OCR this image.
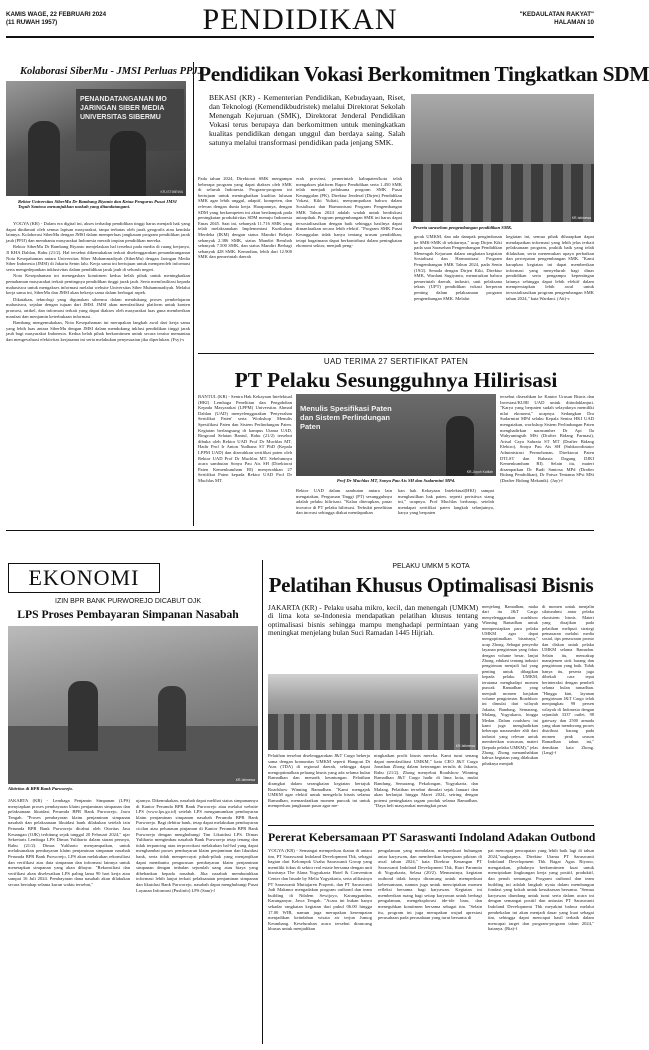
KAMIS WAGE, 22 FEBRUARI 2024
(11 RUWAH 1957)	PENDIDIKAN	"KEDAULATAN RAKYAT"
HALAMAN 10
Kolaborasi SiberMu - JMSI Perluas PPJJ
PENANDATANGANAN MO
JARINGAN SIBER MEDIA
UNIVERSITAS SIBERMU
KR-ISTIMEWA
Rektor Universitas SiberMu Dr Bambang Riyanto dan Ketua Pengurus Pusat JMSI Teguh Santoso menunjukkan naskah yang ditandatangani.

YOGYA (KR) - Dalam era digital ini, akses terhadap pendidikan tinggi harus menjadi hak yang dapat dinikmati oleh semua lapisan masyarakat, tanpa terbatas oleh jarak geografis atau kendala lainnya. Kolaborasi SiberMu dengan JMSI dalam memperluas jangkauan program pendidikan jarak jauh (PPJJ) dan membantu masyarakat Indonesia meraih impian pendidikan mereka.

Rektor SiberMu Dr Bambang Riyanto menjelaskan hal tersebut pada media di ruang kerjanya, Jl KHA Dahlan, Rabu (21/2). Hal tersebut dikemukakan terkait diselenggarakan penandatanganan Nota Kesepahaman antara Universitas Siber Muhammadiyah (SiberMu) dengan Jaringan Media Siber Indonesia (JMSI) di Jakarta Senin lalu. Kerja sama ini bertujuan untuk memperoleh informasi serta mengedepankan inklusivitas dalam pendidikan jarak jauh di seluruh negeri.

Nota Kesepahaman ini menegaskan komitmen kedua belah pihak untuk meningkatkan pemahaman masyarakat terkait pentingnya pendidikan tinggi jarak jauh. Serta memfasilitasi kepada mahasiswa untuk mengakses informasi melalui website Universitas Siber Muhammadiyah. Melalui kerja sama ini, SiberMu dan JMSI akan bekerja sama dalam berbagai aspek.

Dikatakan, teknologi yang digunakan sibermu dalam mendukung proses pembelajaran mahasiswa, sejalan dengan tujuan dari JMSI. JMSI akan memfasilitasi platform untuk konten promosi, artikel, dan informasi terkait yang dapat diakses oleh masyarakat luas guna memberikan manfaat dan menjamin keterbukaan informasi.

Bambang mengemukakan, Nota Kesepahaman ini merupakan langkah awal dari kerja sama yang lebih luas antara SiberMu dengan JMSI dalam mendukung inklusi pendidikan tinggi jarak jauh bagi masyarakat Indonesia. Kedua belah pihak berkomitmen untuk secara teratur memantau dan mengevaluasi efektivitas kerjasama ini serta melakukan penyesuaian jika diperlukan. (Fsy)-s

Pendidikan Vokasi Berkomitmen Tingkatkan SDM
BEKASI (KR) - Kementerian Pendidikan, Kebudayaan, Riset, dan Teknologi (Kemendikbudristek) melalui Direktorat Sekolah Menengah Kejuruan (SMK), Direktorat Jenderal Pendidikan Vokasi terus berupaya dan berkomitmen untuk meningkatkan kualitas pendidikan dengan unggul dan berdaya saing. Salah satunya melalui transformasi pendidikan pada jenjang SMK.
Pada tahun 2024, Direktorat SMK mengampu beberapa program yang dapat diakses oleh SMK di seluruh Indonesia. Program-program ini bertujuan untuk meningkatkan kualitas lulusan SMK agar lebih unggul, adaptif, kompeten, dan relevan dengan dunia kerja. Harapannya, dengan SDM yang berkompeten ini akan berdampak pada peningkatan produktivitas SDM menuju Indonesia Emas 2045. Saat ini, sebanyak 11.716 SMK yang telah melaksanakan Implementasi Kurikulum Merdeka (IKM) dengan status Mandiri Belajar sebanyak 2.386 SMK, status Mandiri Berubah sebanyak 7.500 SMK, dan status Mandiri Berbagi sebanyak 428 SMK. Kemudian, lebih dari 12.900 SMK dan pemerintah daerah
erah provinsi, pemerintah kabupaten/kota telah mengakses platform Rapor Pendidikan serta 1.450 SMK telah menjadi pelaksana program SMK Pusat Keunggulan (PK). Direktur Jenderal (Dirjen) Pendidikan Vokasi, Kiki Yuliati, menyampaikan bahwa dalam Sosialisasi dan Harmonisasi Program Pengembangan SMK Tahun 2024 adalah wadah untuk berdiskusi antarpihak. Program pengembangan SMK ini harus dapat tersosialisasikan dengan baik sehingga hasilnya dapat dimanfaatkan secara lebih efektif. "Program SMK Pusat Keunggulan tidak hanya tentang urusan pendidikan, tetapi bagaimana dapat berkontribusi dalam peningkatan ekonomi sektor, menjadi peng-
KR-Istimewa
Peserta sarasehan pengembangan pendidikan SMK.
gerak UMKM, dan ada dampak pengimbasan ke SMK-SMK di sekitarnya," ucap Dirjen Kiki pada saat Sarasehan Pengembangan Pendidikan Menengah Kejuruan dalam rangkaian kegiatan Sosialisasi dan Harmonisasi Program Pengembangan SMK Tahun 2024, pada Senin (19/2). Senada dengan Dirjen Kiki, Direktur SMK, Wardani Sugiyanto, menuturkan bahwa pemerintah daerah, industri, unit pelaksana teknis (UPT) pendidikan vokasi berperan penting dalam pelaksanaan program pengembangan SMK. Melalui
kegiatan ini, semua pihak diharapkan dapat mendapatkan informasi yang lebih jelas terkait pelaksanaan program, praktik baik yang telah dilakukan, serta menemukan upaya perbaikan dan percepatan pengembangan SMK. "Kami harapkan kegiatan ini dapat memberikan informasi yang menyeluruh bagi dinas pendidikan serta pengampu kepentingan lainnya sehingga dapat lebih efektif dalam mempersiapkan lebih awal untuk tersosialisasikan program pengembangan SMK tahun 2024," kata Wardani. (Ati)-s
UAD TERIMA 27 SERTIFIKAT PATEN
PT Pelaku Sesungguhnya Hilirisasi
BANTUL (KR) - Sentra Hak Kekayaan Intelektual (HKI) Lembaga Penelitian dan Pengabdian Kepada Masyarakat (LPPM) Universitas Ahmad Dahlan (UAD) menyelenggarakan 'Penyerahan Sertifikat Paten' serta Workshop Menulis Spesifikasi Paten dan Sistem Perlindungan Paten. Kegiatan berlangsung di kampus Utama UAD, Ringroad Selatan Bantul, Rabu (21/2) tersebut dibuka oleh Rektor UAD Prof Dr Muchlas MT. Hadir Prof Ir Anton Yudhana ST PhD (Kepala LPPM UAD) dan diserahkan sertifikat paten oleh Rektor UAD Prof Dr Muchlas MT. Sebelumnya acara sambutan Sonya Pau Ais SH (Direktorat Paten Kemenkumham RI) menyerahkan 27 Sertifikat Paten kepada Rektor UAD Prof Dr Muchlas MT.
Menulis Spesifikasi Paten
dan Sistem Perlindungan Paten
KR-Joyoh Katilah
Prof Dr Muchlas MT, Sonya Pau Ais SH dan Sudarmini MPd.
Rektor UAD dalam sambutan antara lain mengatakan, Perguruan Tinggi (PT) sesungguhnya adalah pelaku hilirisasi. "Kalau diterapkan, pasar inovator di PT pelaku hilirisasi. Terbukti penelitian dan inovasi sehingga diakui mendapatkan
kan hak Kekayaan Intelektual(HKI) sampai menghasilkan hak paten, seperti peristiwa siang ini," ucapnya. Prof Muchlas berharap, setelah mendapat sertifikat paten langkah selanjutnya, karya yang berpaten
tersebut diserahkan ke Kantor Urusan Bisnis dan Investasi/KUBI UAD untuk ditindaklanjuti. "Karya yang berpaten sudah selayaknya memiliki nilai ekonomi," ucapnya. Sedangkan Dra Sudarmini MPd selaku Kepala Sentra HKI UAD mengatakan, workshop Sistem Perlindungan Paten menghadirkan narasumber Dr Api Ila Wahyuningsih MSi (Drafter Bidang Farmasi), Arisal Caya Sahrata ST MT (Drafter Bidang Elektro), Sonya Pau Ais SH (Subkoordinator Administrasi Permohonan, Direktorat Paten DTLST dan Rahasia Dagang DJKI Kemenkumham RI). Selain itu, materi disampaikan Dr Budi Santosa MPd (Drafter Bidang Pendidikan), Dr Fatwa Tentama SPsi MSi (Drafter Bidang Mekanik). (Jay)-f
EKONOMI
IZIN BPR BANK PURWOREJO DICABUT OJK
LPS Proses Pembayaran Simpanan Nasabah
KR-Istimewa
Aktivitas di BPR Bank Purworejo.
JAKARTA (KR) - Lembaga Penjamin Simpanan (LPS) menyiapkan proses pembayaran klaim penjaminan simpanan dan pelaksanaan likuidasi Perumda BPR Bank Purworejo, Jawa Tengah. "Proses pembayaran klaim penjaminan simpanan nasabah dan pelaksanaan likuidasi bank dilakukan setelah izin Perumda BPR Bank Purworejo dicabut oleh Otoritas Jasa Keuangan (OJK) terhitung sejak tanggal 20 Februari 2024," ujar Sekretaris Lembaga LPS Dimas Yuliharto dalam siaran persnya, Rabu (21/2). Dimas Yuliharto menyampaikan, untuk melaksanakan pembayaran klaim penjaminan simpanan nasabah Perumda BPR Bank Purworejo, LPS akan melakukan rekonsiliasi dan verifikasi atas data simpanan dan informasi lainnya untuk menetapkan simpanan yang akan dibayar. "Rekonsiliasi dan verifikasi akan diselesaikan LPS paling lama 90 hari kerja atau sampai 16 Juli 2024. Pembayaran dana nasabah akan dilakukan secara bertahap selama kurun waktu tersebut,"
ujarnya. Dikemukakan, nasabah dapat melihat status simpanannya di Kantor Perumda BPR Bank Purworejo atau melalui website LPS (www.lps.go.id) setelah LPS mengumumkan pembayaran klaim penjaminan simpanan nasabah Perumda BPR Bank Purworejo. Bagi debitur bank, tetap dapat melakukan pembayaran cicilan atau pelunasan pinjaman di Kantor Perumda BPR Bank Purworejo dengan menghubungi Tim Likuidasi LPS. Dimas Yuliharto mengimbau nasabah Bank Purworejo tetap tenang dan tidak terpancing atau terprovokasi melakukan hal-hal yang dapat menghambat proses pembayaran klaim penjaminan dan likuidasi bank, serta tidak mempercayai pihak-pihak yang menjanjikan dapat membantu pengurusan pembayaran klaim penjaminan simpanan dengan imbalan sejumlah uang atau biaya yang dibebankan kepada nasabah. Jika nasabah membutuhkan informasi lebih lanjut terkait pelaksanaan penjaminan simpanan dan likuidasi Bank Purworejo, nasabah dapat menghubungi Pusat Layanan Informasi (Puslinfo) LPS (Sam)-f
PELAKU UMKM 5 KOTA
Pelatihan Khusus Optimalisasi Bisnis
JAKARTA (KR) - Pelaku usaha mikro, kecil, dan menengah (UMKM) di lima kota se-Indonesia mendapatkan pelatihan khusus tentang optimalisasi bisnis sehingga mampu menghadapi permintaan yang meningkat menjelang bulan Suci Ramadan 1445 Hijriah.
menjelang Ramadhan, maka dari itu J&T Cargo menyelenggarakan roadshow Winning Ramadhan untuk mempersiapkan para pelaku UMKM agar dapat mengoptimalkan bisnisnya," ucap Zhong. Sebagai penyedia layanan pengiriman yang fokus dengan volume besar, lanjut Zhong, edukasi tentang industri pengiriman menjadi hal yang penting untuk dibagikan kepada pelaku UMKM, terutama menghadapi momen puncak Ramadhan yang menjadi momen lonjakan volume pengiriman. Roadshow ini dimulai dari wilayah Jakarta, Bandung, Semarang, Malang, Yogyakarta, hingga Medan. Dalam roadshow ini kami juga menghadirkan beberapa narasumber ahli dari industri yang relevan untuk memberikan wawasan, materi (kepada pelaku UMKM)," jelas Zhong. Zhong menambahkan bahwa kegiatan yang dilakukan pihaknya menjadi
di momen untuk menjalin silaturahmi antar pelaku ekosistem bisnis. Materi yang disajikan pada pelatihan meliputi strategi pemasaran melalui media sosial, tips penawaran promo dan diskon untuk pelaku UMKM selama Ramadan. Selain itu, mencakup manajemen stok barang dan pengiriman yang baik. Tidak hanya itu, peserta juga dibekali cara tepat berinteraksi dengan pembeli selama bulan ramadhan. "Hingga kini, layanan pengiriman J&T Cargo telah menjangkau 98 persen wilayah di Indonesia dengan sejumlah 3337 outlet, 98 gateway dan 2500 armada yang akan mendorong proses distribusi barang pada momen peak season Ramadhan tahun ini," demikian kata Zhong. (Lmg)-f
KR-Istimewa
Pelatihan tersebut diselenggarakan J&T Cargo bekerja sama dengan komunitas UMKM seperti Hangout Di Atas (TDA) di regional daerah, sehingga dapat mengoptimalkan peluang bisnis yang ada selama bulan Ramadhan dan menarik keuntungan. Pelatihan dirangkai dalam serangkaian kegiatan bertajuk Roadshow Winning Ramadhan. "Kami mengajak UMKM agar efektif untuk mengelola bisnis selama Ramadhan, memanfaatkan momen puncak ini untuk memperluas jangkauan pasar agar me-
ningkatkan profit bisnis mereka. Kami turut senang dapat memfasilitasi UMKM," kata CEO J&T Cargo Jonathan Zhong dalam keterangan tertulis di Jakarta, Rabu (21/2). Zhong menyebut Roadshow Winning Ramadhan J&T Cargo hadir di lima kota, mulai Bandung, Semarang, Pekalongan, Yogyakarta, dan Malang. Pelatihan tersebut dimulai sejak Januari dan akan berlanjut hingga Maret 2024, seiring dengan potensi peningkatan ragam produk selama Ramadhan. "Daya beli masyarakat meningkat pesat
Pererat Kebersamaan PT Saraswanti Indoland Adakan Outbond
YOGYA (KR) - Semangat memperluas ikatan di antara tim, PT Saraswanti Indoland Development Tbk, sebagai bagian dari Kelompok Usaha Saraswanti Group yang memiliki fokus di sektor real estate bersama dengan unit bisnisnya The Alana Yogyakarta Hotel & Convention Center dan Insade by Melia Yogyakarta, serta afiliasinya PT Saraswanti Mutiajaren Properti, dan PT Saraswanti Jadi Makmur mengadakan program outbond dan team building di Ndalem Sewijoyo, Karangpandan, Karanganyar, Jawa Tengah. "Acara ini bukan hanya sekadar rangkaian kegiatan dari pukul 06.00 hingga 17.00 WIB, namun juga merupakan kesempatan menjadikan keindahan wisata air terjun Jumog Keumbang. Keseluruhan acara tersebut dirancang khusus untuk menjadikan
pengalaman yang mendalam, memperkuat hubungan antar karyawan, dan memberikan kesegaran pikiran di awal tahun 2024," kata Direktur Keuangan PT Saraswanti Indoland Development Tbk, Ratri Paramita di Yogyakarta, Selasa (20/2). Menurutnya, kegiatan outbond tidak hanya dirancang untuk memperkuat kebersamaan, namun juga untuk menciptakan momen refleksi bersama bagi karyawan. Kegiatan ini memberikan ruang bagi setiap karyawan untuk berbagi pengalaman, mengeksplorasi ide-ide baru, dan meneguhkan komitmen bersama sebagai tim. "Selain itu, program ini juga merupakan wujud apresiasi perusahaan pada perusahaan yang turut bersama di
pat mencapai pencapaian yang lebih baik lagi di tahun 2024,"ungkapnya. Direktur Utama PT Saraswanti Indoland Development Tbk Bagat Agus Riyono, mengatakan, pihaknya berkomitmen kuat untuk menciptakan lingkungan kerja yang positif, produktif, dan penuh semangat. Program outbond dan team building ini adalah langkah nyata dalam membangun fondasi yang kokoh untuk kesuksesan bersama. "Semua karyawan diundang untuk turut serta dalam acara ini dengan semangat positif dan antusias PT Saraswanti Indoland Development Tbk meyakini bahwa melalui pembekalan ini akan menjadi dasar yang kuat sebagai tim, sehingga dapat mencapai hasil terbaik dalam mencapai target dan program-program tahun 2024," katanya. (Ria)-f
